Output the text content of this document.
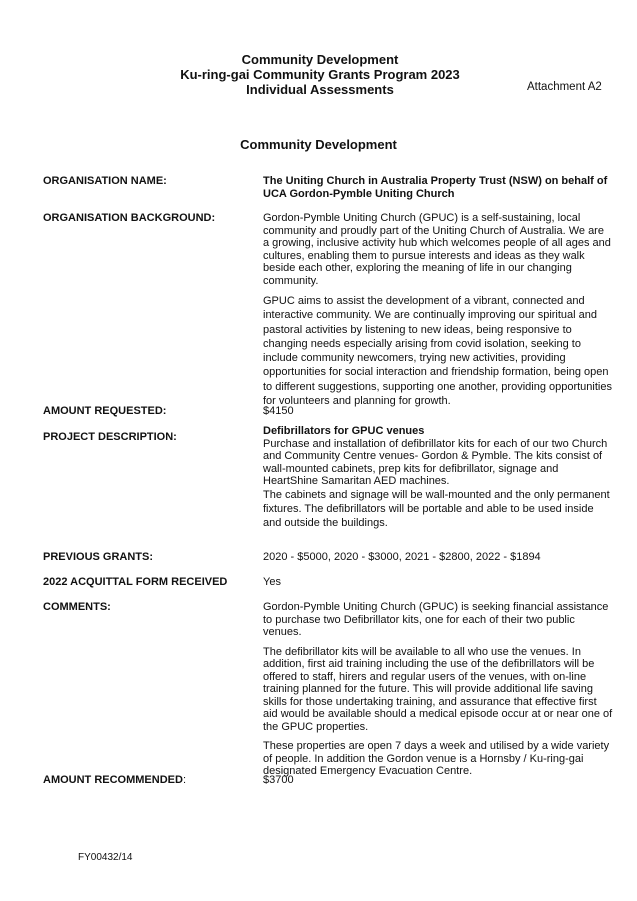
Community Development
Ku-ring-gai Community Grants Program 2023
Individual Assessments	Attachment A2
Community Development
ORGANISATION NAME:	The Uniting Church in Australia Property Trust (NSW) on behalf of UCA Gordon-Pymble Uniting Church
ORGANISATION BACKGROUND:	Gordon-Pymble Uniting Church (GPUC) is a self-sustaining, local community and proudly part of the Uniting Church of Australia. We are a growing, inclusive activity hub which welcomes people of all ages and cultures, enabling them to pursue interests and ideas as they walk beside each other, exploring the meaning of life in our changing community.

GPUC aims to assist the development of a vibrant, connected and interactive community. We are continually improving our spiritual and pastoral activities by listening to new ideas, being responsive to changing needs especially arising from covid isolation, seeking to include community newcomers, trying new activities, providing opportunities for social interaction and friendship formation, being open to different suggestions, supporting one another, providing opportunities for volunteers and planning for growth.

AMOUNT REQUESTED:	$4150
PROJECT DESCRIPTION:	Defibrillators for GPUC venues
Purchase and installation of defibrillator kits for each of our two Church and Community Centre venues- Gordon & Pymble. The kits consist of wall-mounted cabinets, prep kits for defibrillator, signage and HeartShine Samaritan AED machines.
The cabinets and signage will be wall-mounted and the only permanent fixtures. The defibrillators will be portable and able to be used inside and outside the buildings.
PREVIOUS GRANTS:	2020 - $5000, 2020 - $3000, 2021 - $2800, 2022 - $1894
2022 ACQUITTAL FORM RECEIVED	Yes
COMMENTS:	Gordon-Pymble Uniting Church (GPUC) is seeking financial assistance to purchase two Defibrillator kits, one for each of their two public venues.

The defibrillator kits will be available to all who use the venues. In addition, first aid training including the use of the defibrillators will be offered to staff, hirers and regular users of the venues, with on-line training planned for the future. This will provide additional life saving skills for those undertaking training, and assurance that effective first aid would be available should a medical episode occur at or near one of the GPUC properties.

These properties are open 7 days a week and utilised by a wide variety of people. In addition the Gordon venue is a Hornsby / Ku-ring-gai designated Emergency Evacuation Centre.

AMOUNT RECOMMENDED:	$3700
FY00432/14
